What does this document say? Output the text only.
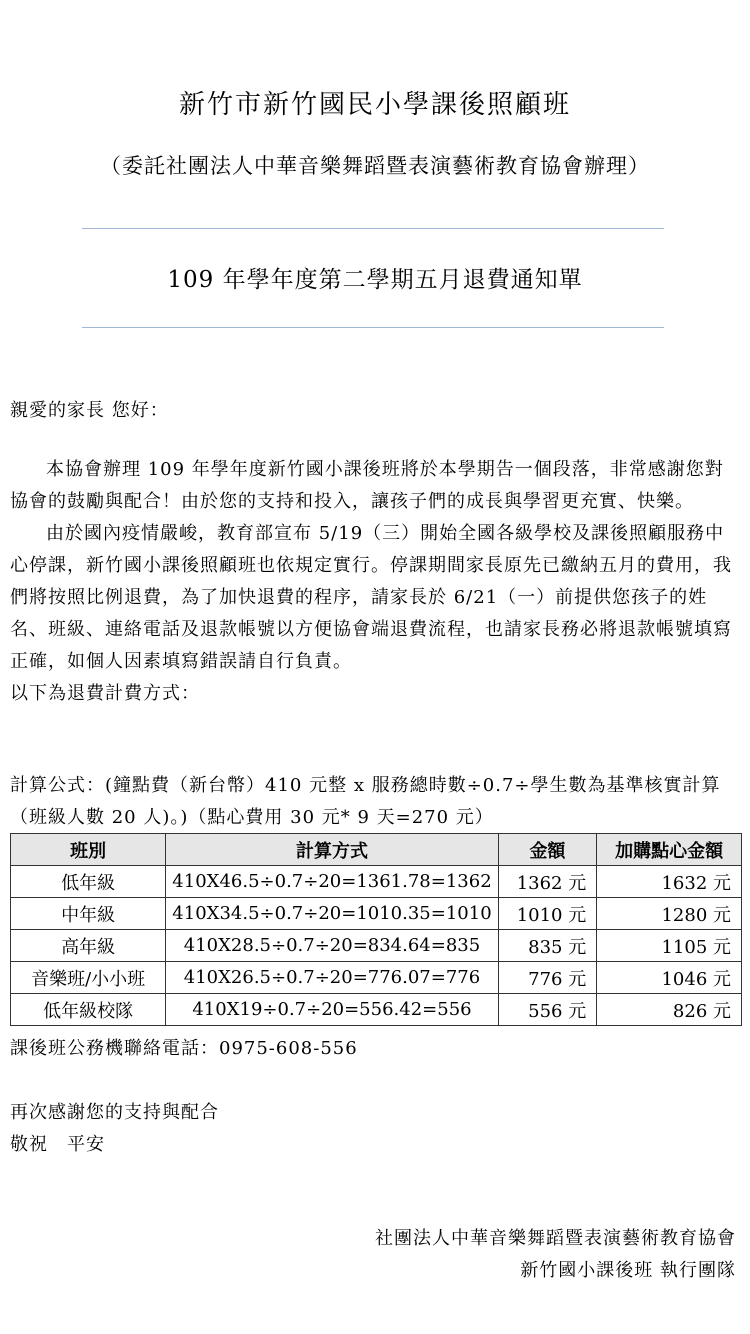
新竹市新竹國民小學課後照顧班
（委託社團法人中華音樂舞蹈暨表演藝術教育協會辦理）
109 年學年度第二學期五月退費通知單
親愛的家長 您好：

本協會辦理 109 年學年度新竹國小課後班將於本學期告一個段落，非常感謝您對協會的鼓勵與配合！由於您的支持和投入，讓孩子們的成長與學習更充實、快樂。

由於國內疫情嚴峻，教育部宣布 5/19（三）開始全國各級學校及課後照顧服務中心停課，新竹國小課後照顧班也依規定實行。停課期間家長原先已繳納五月的費用，我們將按照比例退費，為了加快退費的程序，請家長於 6/21（一）前提供您孩子的姓名、班級、連絡電話及退款帳號以方便協會端退費流程，也請家長務必將退款帳號填寫正確，如個人因素填寫錯誤請自行負責。

以下為退費計費方式：

計算公式：(鐘點費（新台幣）410 元整 x 服務總時數÷0.7÷學生數為基準核實計算（班級人數 20 人)。)（點心費用 30 元* 9 天=270 元）

班別	計算方式	金額	加購點心金額
低年級	410X46.5÷0.7÷20=1361.78=1362	1362 元	1632 元
中年級	410X34.5÷0.7÷20=1010.35=1010	1010 元	1280 元
高年級	410X28.5÷0.7÷20=834.64=835	835 元	1105 元
音樂班/小小班	410X26.5÷0.7÷20=776.07=776	776 元	1046 元
低年級校隊	410X19÷0.7÷20=556.42=556	556 元	826 元
課後班公務機聯絡電話：0975-608-556
再次感謝您的支持與配合
敬祝　平安
社團法人中華音樂舞蹈暨表演藝術教育協會
新竹國小課後班 執行團隊
